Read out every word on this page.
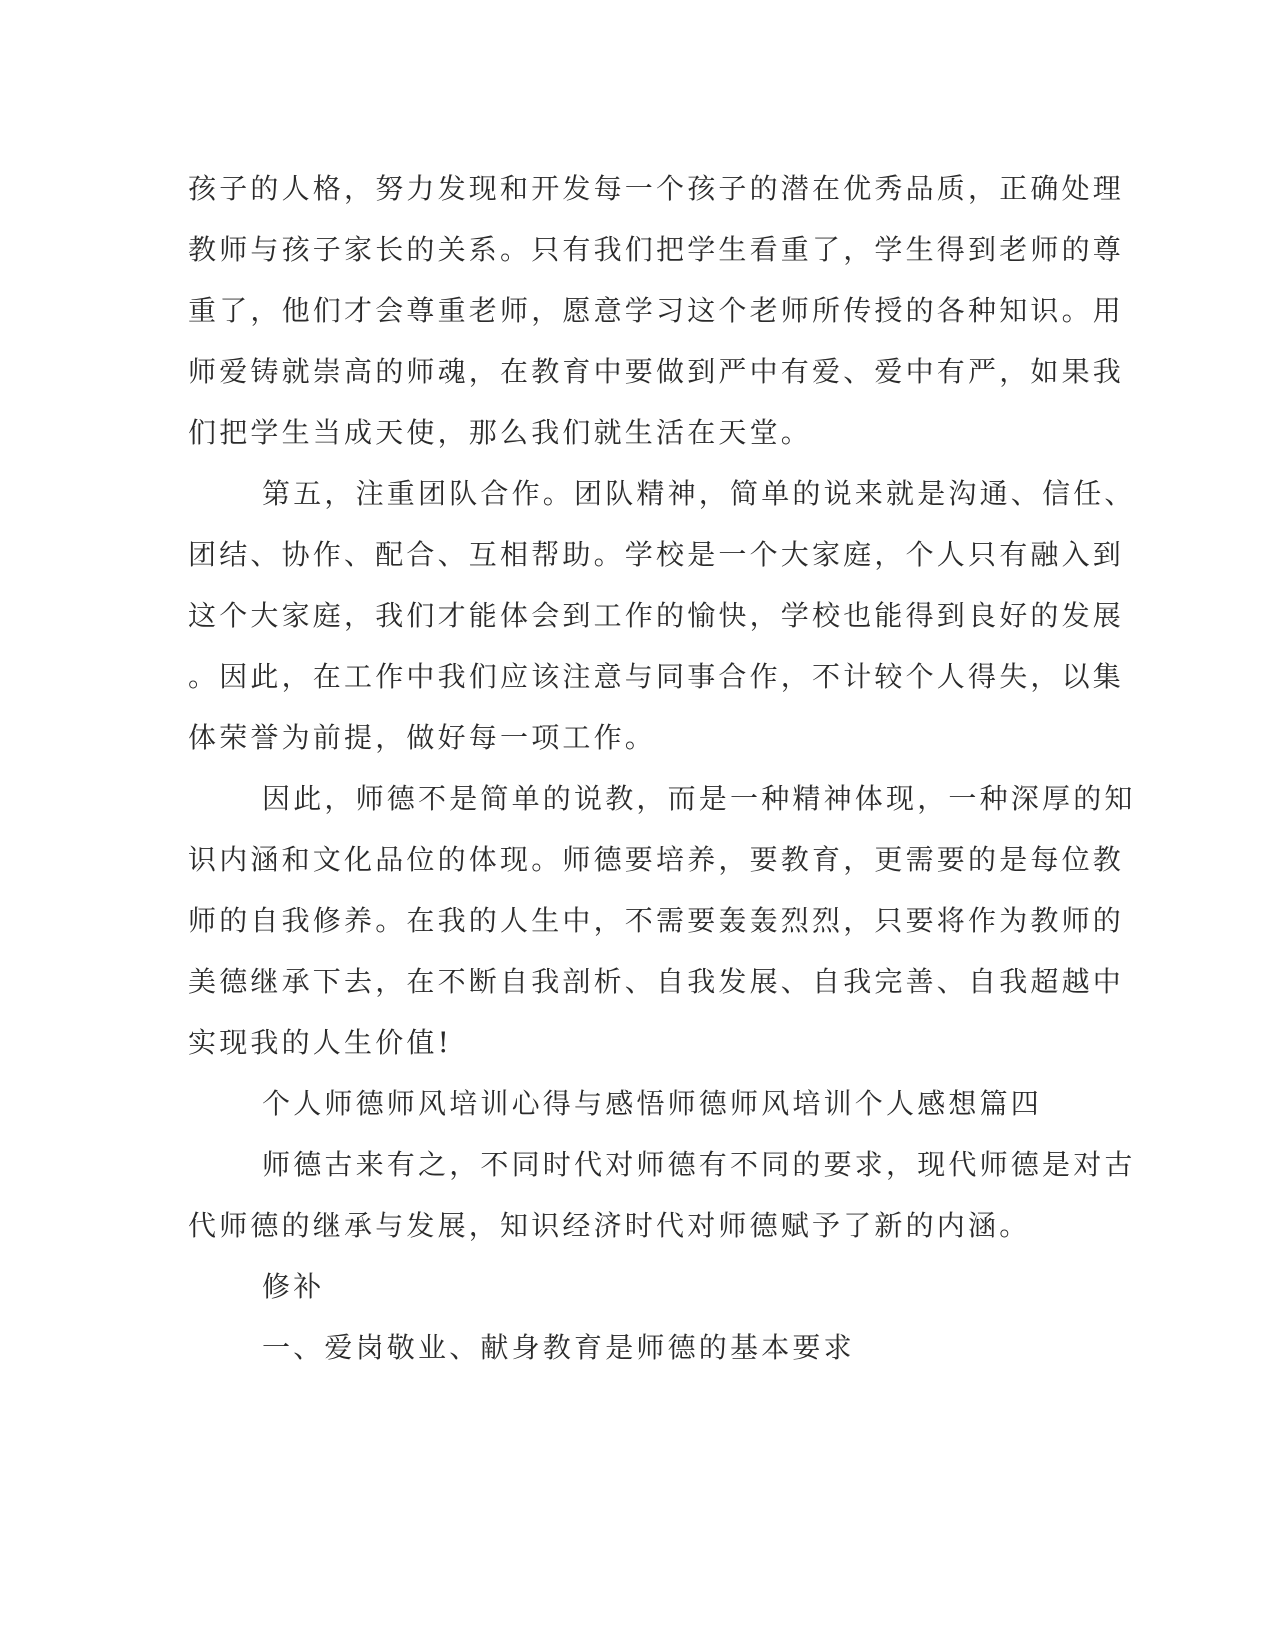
孩子的人格，努力发现和开发每一个孩子的潜在优秀品质，正确处理
教师与孩子家长的关系。只有我们把学生看重了，学生得到老师的尊
重了，他们才会尊重老师，愿意学习这个老师所传授的各种知识。用
师爱铸就崇高的师魂，在教育中要做到严中有爱、爱中有严，如果我
们把学生当成天使，那么我们就生活在天堂。
第五，注重团队合作。团队精神，简单的说来就是沟通、信任、
团结、协作、配合、互相帮助。学校是一个大家庭，个人只有融入到
这个大家庭，我们才能体会到工作的愉快，学校也能得到良好的发展
。因此，在工作中我们应该注意与同事合作，不计较个人得失，以集
体荣誉为前提，做好每一项工作。
因此，师德不是简单的说教，而是一种精神体现，一种深厚的知
识内涵和文化品位的体现。师德要培养，要教育，更需要的是每位教
师的自我修养。在我的人生中，不需要轰轰烈烈，只要将作为教师的
美德继承下去，在不断自我剖析、自我发展、自我完善、自我超越中
实现我的人生价值!
个人师德师风培训心得与感悟师德师风培训个人感想篇四
师德古来有之，不同时代对师德有不同的要求，现代师德是对古
代师德的继承与发展，知识经济时代对师德赋予了新的内涵。
修补
一、爱岗敬业、献身教育是师德的基本要求
